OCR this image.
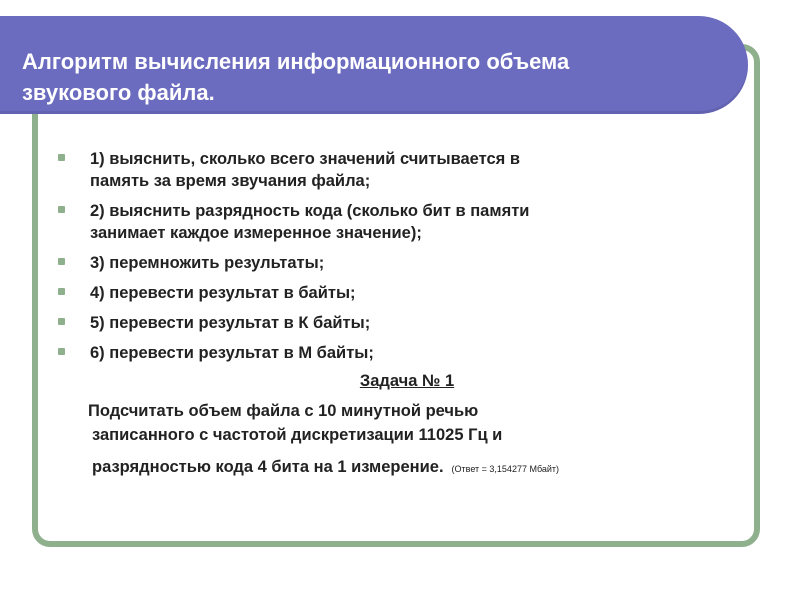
Алгоритм вычисления информационного объема
звукового файла.
1) выяснить, сколько всего значений считывается в
память за время звучания файла;
2) выяснить разрядность кода (сколько бит в памяти
занимает каждое измеренное значение);
3) перемножить результаты;
4) перевести результат в байты;
5) перевести результат в К байты;
6) перевести результат в М байты;
Задача № 1
Подсчитать объем файла с 10 минутной речью
записанного с частотой дискретизации 11025 Гц и
разрядностью кода 4 бита на 1 измерение. (Ответ = 3,154277 Мбайт)
